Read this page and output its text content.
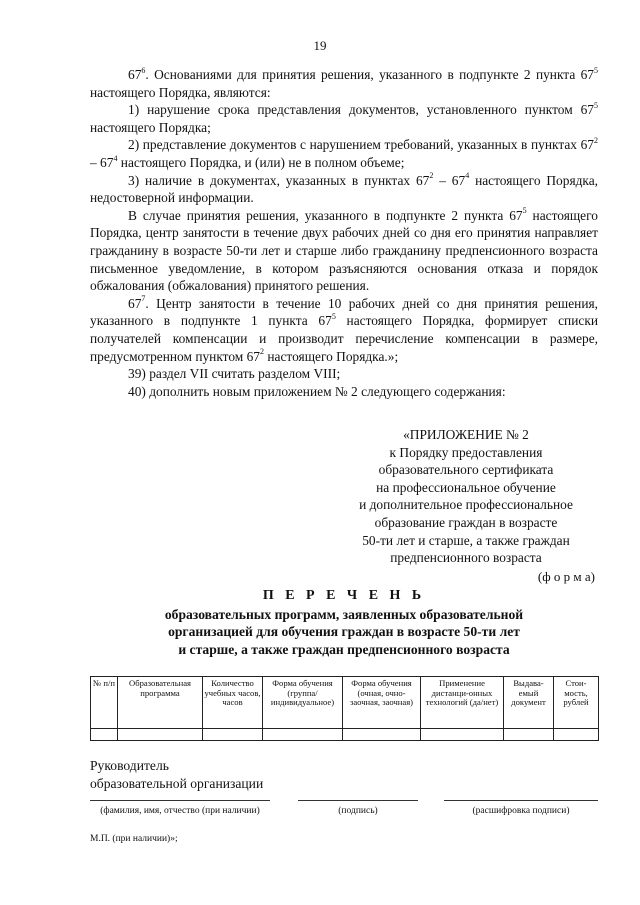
19

$67^6$. Основаниями для принятия решения, указанного в подпункте 2 пункта $67^5$ настоящего Порядка, являются:

1) нарушение срока представления документов, установленного пунктом $67^5$ настоящего Порядка;

2) представление документов с нарушением требований, указанных в пунктах $67^2 - 67^4$ настоящего Порядка, и (или) не в полном объеме;

3) наличие в документах, указанных в пунктах $67^2 - 67^4$ настоящего Порядка, недостоверной информации.

В случае принятия решения, указанного в подпункте 2 пункта $67^5$ настоящего Порядка, центр занятости в течение двух рабочих дней со дня его принятия направляет гражданину в возрасте 50-ти лет и старше либо гражданину предпенсионного возраста письменное уведомление, в котором разъясняются основания отказа и порядок обжалования (обжалования) принятого решения.

$67^7$. Центр занятости в течение 10 рабочих дней со дня принятия решения, указанного в подпункте 1 пункта $67^5$ настоящего Порядка, формирует списки получателей компенсации и производит перечисление компенсации в размере, предусмотренном пунктом $67^2$ настоящего Порядка.»;

39) раздел VII считать разделом VIII;

40) дополнить новым приложением № 2 следующего содержания:

«ПРИЛОЖЕНИЕ № 2
к Порядку предоставления
образовательного сертификата
на профессиональное обучение
и дополнительное профессиональное
образование граждан в возрасте
50-ти лет и старше, а также граждан
предпенсионного возраста
(ф о р м а)
П Е Р Е Ч Е Н Ь
образовательных программ, заявленных образовательной
организацией для обучения граждан в возрасте 50-ти лет
и старше, а также граждан предпенсионного возраста
№ п/п	Образовательная программа	Количество учебных часов, часов	Форма обучения (группа/ индивидуальное)	Форма обучения (очная, очно-заочная, заочная)	Применение дистанци-онных технологий (да/нет)	Выдава-емый документ	Стои-мость, рублей

Руководитель
образовательной организации
(фамилия, имя, отчество (при наличии)	(подпись)	(расшифровка подписи)
М.П. (при наличии)»;
